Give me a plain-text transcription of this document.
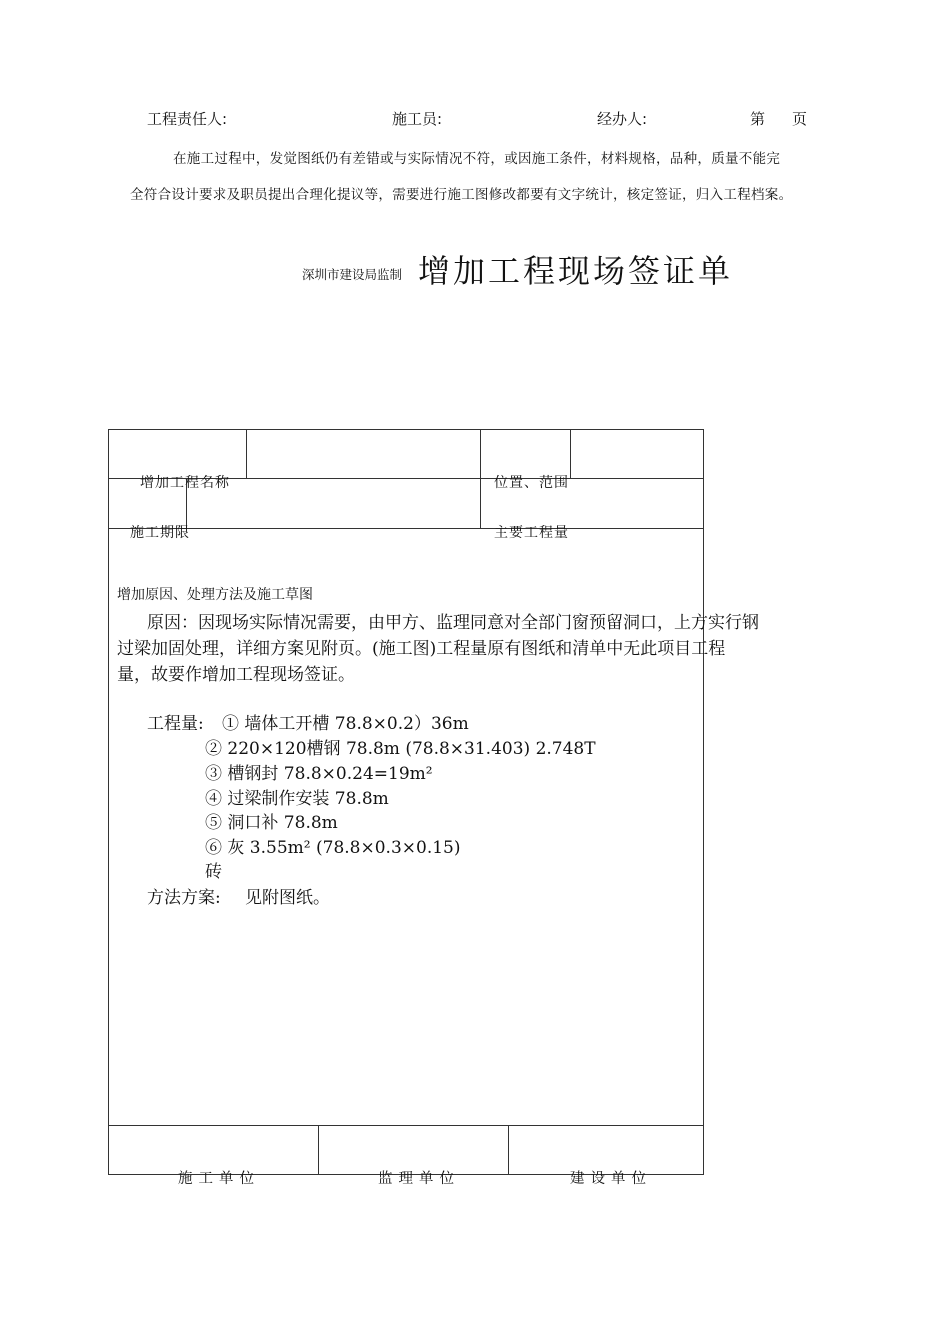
工程责任人:	施工员:	经办人:	第 页
在施工过程中，发觉图纸仍有差错或与实际情况不符，或因施工条件，材料规格，品种，质量不能完
全符合设计要求及职员提出合理化提议等，需要进行施工图修改都要有文字统计，核定签证，归入工程档案。
深圳市建设局监制 增加工程现场签证单
增加工程名称	位置、范围
施工期限	主要工程量
增加原因、处理方法及施工草图
原因：因现场实际情况需要，由甲方、监理同意对全部门窗预留洞口，上方实行钢
过梁加固处理，详细方案见附页。(施工图)工程量原有图纸和清单中无此项目工程
量，故要作增加工程现场签证。
工程量: ① 墙体工开槽 78.8×0.2）36m
② 220×120槽钢 78.8m (78.8×31.403) 2.748T
③ 槽钢封 78.8×0.24=19m²
④ 过梁制作安装 78.8m
⑤ 洞口补 78.8m
⑥ 灰 3.55m² (78.8×0.3×0.15)
砖
方法方案: 见附图纸。
施工单位	监理单位	建设单位
